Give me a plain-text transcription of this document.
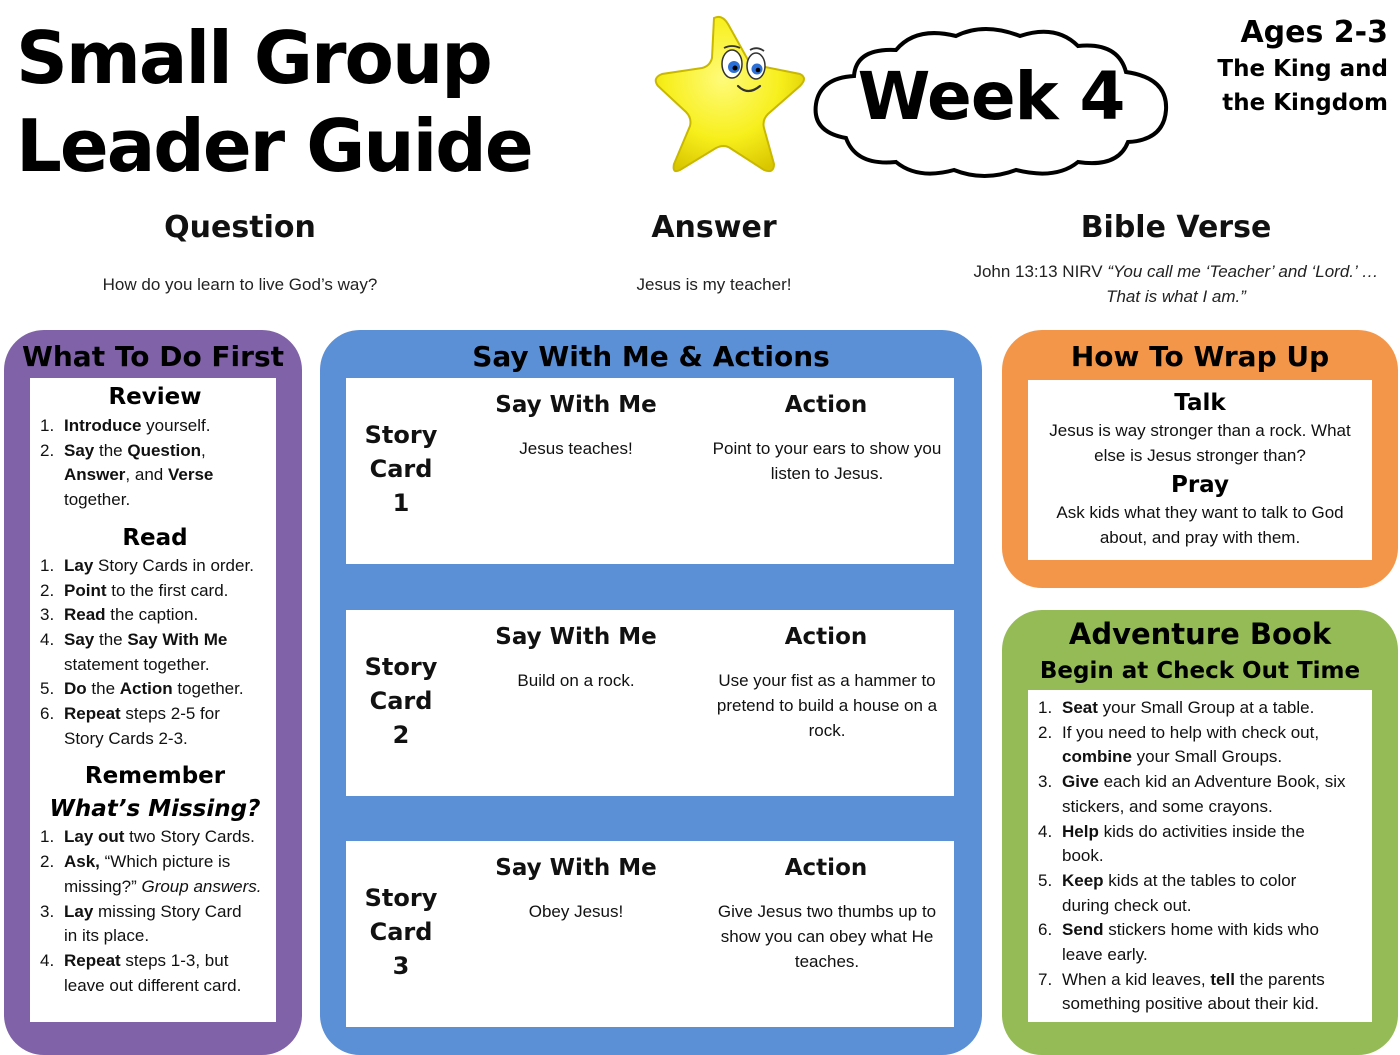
Small Group
Leader Guide
Week 4
Ages 2-3
The King and
the Kingdom
Question
How do you learn to live God’s way?
Answer
Jesus is my teacher!
Bible Verse
John 13:13 NIRV “You call me ‘Teacher’ and ‘Lord.’ …
That is what I am.”
What To Do First
Review
1. Introduce yourself.
2. Say the Question,
Answer, and Verse
together.
Read
1. Lay Story Cards in order.
2. Point to the first card.
3. Read the caption.
4. Say the Say With Me
statement together.
5. Do the Action together.
6. Repeat steps 2-5 for
Story Cards 2-3.
Remember
What’s Missing?
1. Lay out two Story Cards.
2. Ask, “Which picture is
missing?” Group answers.
3. Lay missing Story Card
in its place.
4. Repeat steps 1-3, but
leave out different card.
Say With Me & Actions
Story
Card
1
Say With Me
Jesus teaches!
Action
Point to your ears to show you listen to Jesus.
Story
Card
2
Say With Me
Build on a rock.
Action
Use your fist as a hammer to pretend to build a house on a rock.
Story
Card
3
Say With Me
Obey Jesus!
Action
Give Jesus two thumbs up to show you can obey what He teaches.
How To Wrap Up
Talk
Jesus is way stronger than a rock. What else is Jesus stronger than?
Pray
Ask kids what they want to talk to God about, and pray with them.
Adventure Book
Begin at Check Out Time
1. Seat your Small Group at a table.
2. If you need to help with check out,
combine your Small Groups.
3. Give each kid an Adventure Book, six
stickers, and some crayons.
4. Help kids do activities inside the
book.
5. Keep kids at the tables to color
during check out.
6. Send stickers home with kids who
leave early.
7. When a kid leaves, tell the parents
something positive about their kid.
